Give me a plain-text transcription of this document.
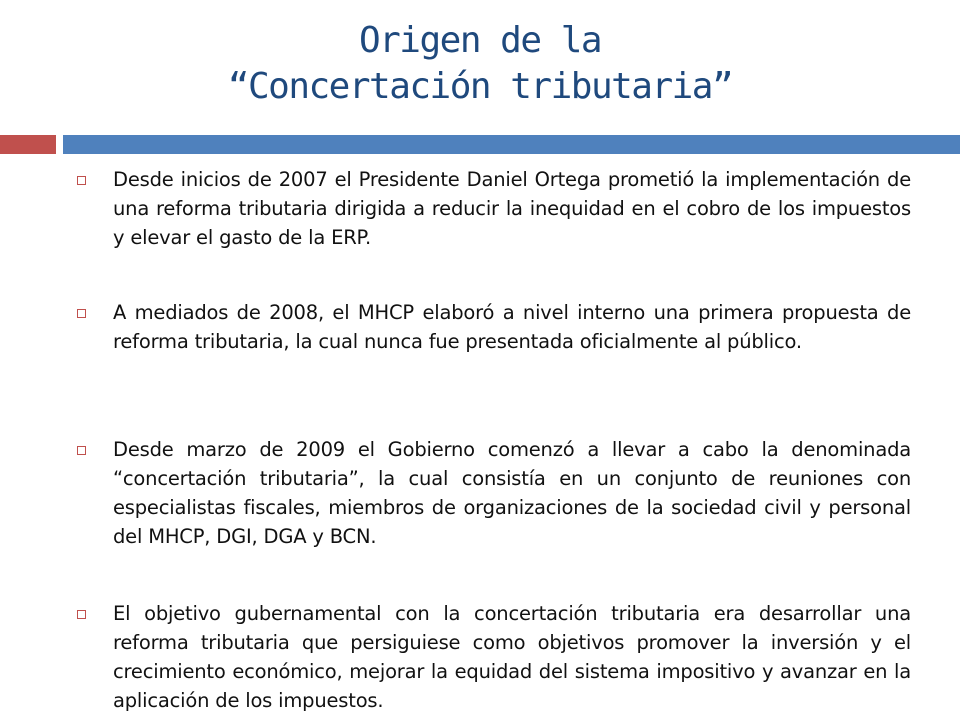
Origen de la
“Concertación tributaria”

Desde inicios de 2007 el Presidente Daniel Ortega prometió la implementación de una reforma tributaria dirigida a reducir la inequidad en el cobro de los impuestos y elevar el gasto de la ERP.

A mediados de 2008, el MHCP elaboró a nivel interno una primera propuesta de reforma tributaria, la cual nunca fue presentada oficialmente al público.

Desde marzo de 2009 el Gobierno comenzó a llevar a cabo la denominada “concertación tributaria”, la cual consistía en un conjunto de reuniones con especialistas fiscales, miembros de organizaciones de la sociedad civil y personal del MHCP, DGI, DGA y BCN.

El objetivo gubernamental con la concertación tributaria era desarrollar una reforma tributaria que persiguiese como objetivos promover la inversión y el crecimiento económico, mejorar la equidad del sistema impositivo y avanzar en la aplicación de los impuestos.
